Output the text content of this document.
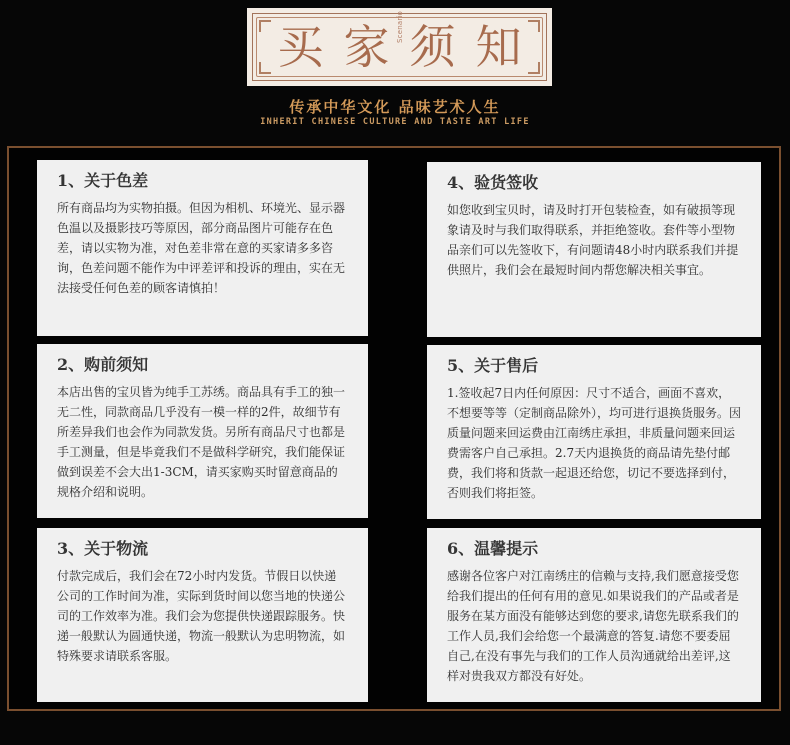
买 家 须 知
Scenario
传承中华文化 品味艺术人生
INHERIT CHINESE CULTURE AND TASTE ART LIFE
1、关于色差
所有商品均为实物拍摄。但因为相机、环境光、显示器色温以及摄影技巧等原因，部分商品图片可能存在色差，请以实物为准，对色差非常在意的买家请多多咨询，色差问题不能作为中评差评和投诉的理由，实在无法接受任何色差的顾客请慎拍！
2、购前须知
本店出售的宝贝皆为纯手工苏绣。商品具有手工的独一无二性，同款商品几乎没有一模一样的2件，故细节有所差异我们也会作为同款发货。另所有商品尺寸也都是手工测量，但是毕竟我们不是做科学研究，我们能保证做到误差不会大出1-3CM，请买家购买时留意商品的规格介绍和说明。
3、关于物流
付款完成后，我们会在72小时内发货。节假日以快递公司的工作时间为准，实际到货时间以您当地的快递公司的工作效率为准。我们会为您提供快递跟踪服务。快递一般默认为圆通快递，物流一般默认为忠明物流，如特殊要求请联系客服。
4、验货签收
如您收到宝贝时，请及时打开包装检查，如有破损等现象请及时与我们取得联系，并拒绝签收。套件等小型物品亲们可以先签收下，有问题请48小时内联系我们并提供照片，我们会在最短时间内帮您解决相关事宜。
5、关于售后
1.签收起7日内任何原因：尺寸不适合，画面不喜欢，不想要等等（定制商品除外），均可进行退换货服务。因质量问题来回运费由江南绣庄承担，非质量问题来回运费需客户自己承担。2.7天内退换货的商品请先垫付邮费，我们将和货款一起退还给您，切记不要选择到付，否则我们将拒签。
6、温馨提示
感谢各位客户对江南绣庄的信赖与支持,我们愿意接受您给我们提出的任何有用的意见.如果说我们的产品或者是服务在某方面没有能够达到您的要求,请您先联系我们的工作人员,我们会给您一个最满意的答复.请您不要委屈自己,在没有事先与我们的工作人员沟通就给出差评,这样对贵我双方都没有好处。
